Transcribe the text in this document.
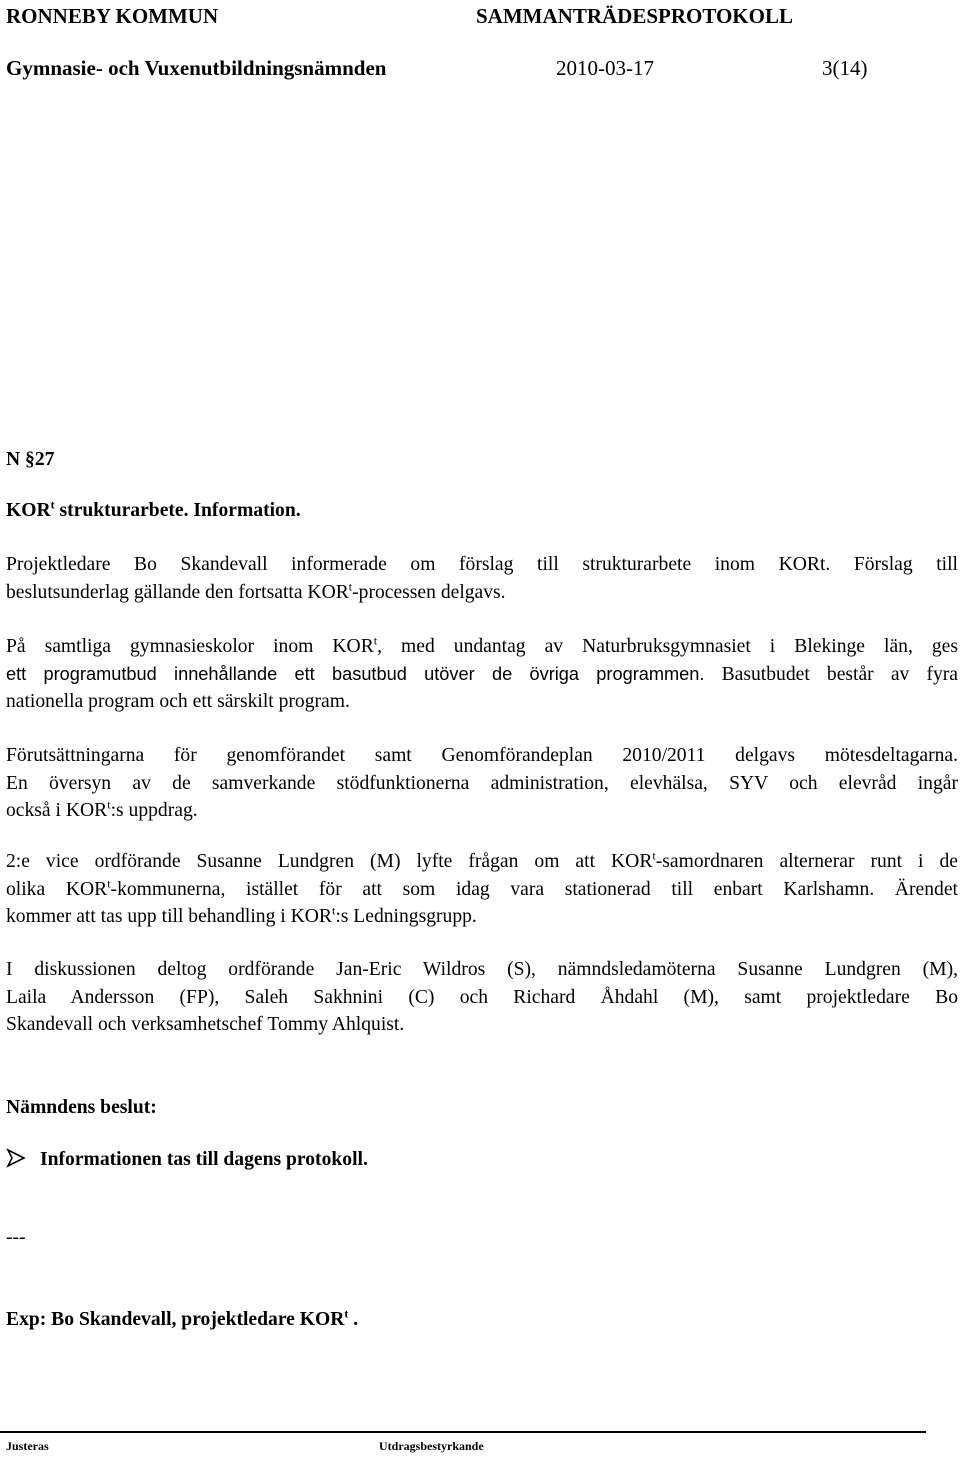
RONNEBY KOMMUN	SAMMANTRÄDESPROTOKOLL
Gymnasie- och Vuxenutbildningsnämnden	2010-03-17	3(14)
N §27
KOR$^t$ strukturarbete. Information.
Projektledare Bo Skandevall informerade om förslag till strukturarbete inom KORt. Förslag till
beslutsunderlag gällande den fortsatta KOR$^t$-processen delgavs.
På samtliga gymnasieskolor inom KOR$^t$, med undantag av Naturbruksgymnasiet i Blekinge län, ges
ett programutbud innehållande ett basutbud utöver de övriga programmen. Basutbudet består av fyra
nationella program och ett särskilt program.
Förutsättningarna för genomförandet samt Genomförandeplan 2010/2011 delgavs mötesdeltagarna.
En översyn av de samverkande stödfunktionerna administration, elevhälsa, SYV och elevråd ingår
också i KOR$^t$:s uppdrag.
2:e vice ordförande Susanne Lundgren (M) lyfte frågan om att KOR$^t$-samordnaren alternerar runt i de
olika KOR$^t$-kommunerna, istället för att som idag vara stationerad till enbart Karlshamn. Ärendet
kommer att tas upp till behandling i KOR$^t$:s Ledningsgrupp.
I diskussionen deltog ordförande Jan-Eric Wildros (S), nämndsledamöterna Susanne Lundgren (M),
Laila Andersson (FP), Saleh Sakhnini (C) och Richard Åhdahl (M), samt projektledare Bo
Skandevall och verksamhetschef Tommy Ahlquist.
Nämndens beslut:
Informationen tas till dagens protokoll.
---
Exp: Bo Skandevall, projektledare KOR$^t$ .
Justeras	Utdragsbestyrkande
